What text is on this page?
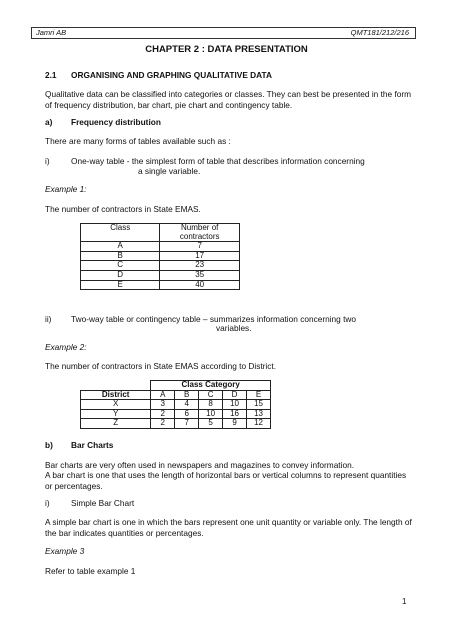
Jamri AB	QMT181/212/216
CHAPTER 2 : DATA PRESENTATION
2.1 ORGANISING AND GRAPHING QUALITATIVE DATA
Qualitative data can be classified into categories or classes. They can best be presented in the form of frequency distribution, bar chart, pie chart and contingency table.
a) Frequency distribution
There are many forms of tables available such as :
i)	One-way table - the simplest form of table that describes information concerning
a single variable.
Example 1:
The number of contractors in State EMAS.
Class	Number of
contractors

A	7
B	17
C	23
D	35
E	40
ii) Two-way table or contingency table – summarizes information concerning two
variables.
Example 2:
The number of contractors in State EMAS according to District.
	Class Category				
District	A	B	C	D	E
X	3	4	8	10	15
Y	2	6	10	16	13
Z	2	7	5	9	12
b) Bar Charts
Bar charts are very often used in newspapers and magazines to convey information.
A bar chart is one that uses the length of horizontal bars or vertical columns to represent quantities or percentages.
i)	Simple Bar Chart
A simple bar chart is one in which the bars represent one unit quantity or variable only. The length of the bar indicates quantities or percentages.
Example 3
Refer to table example 1
1
